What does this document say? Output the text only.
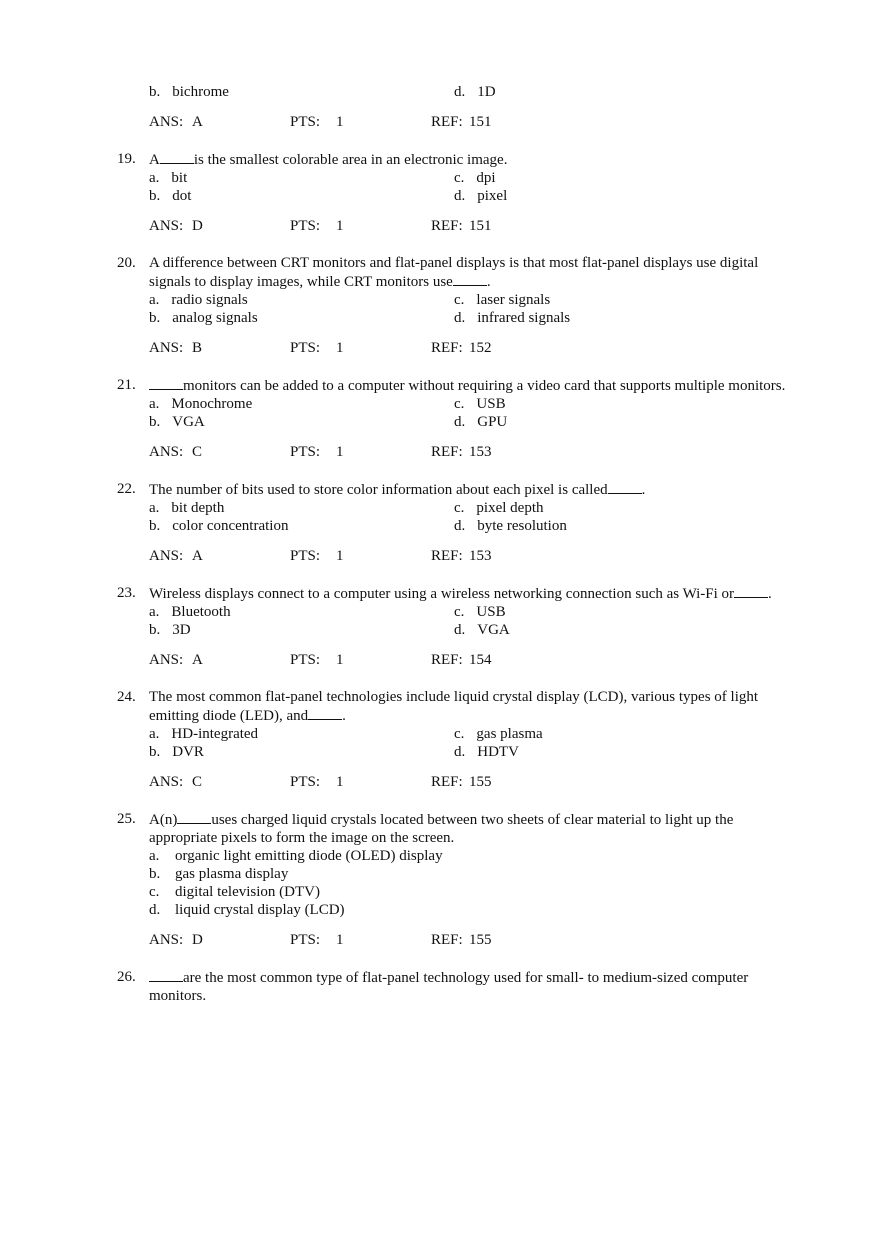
b. bichrome	d. 1D
ANS: A	PTS: 1	REF: 151
19. A is the smallest colorable area in an electronic image.
a. bit	c. dpi
b. dot	d. pixel
ANS: D	PTS: 1	REF: 151
20. A difference between CRT monitors and flat-panel displays is that most flat-panel displays use digital signals to display images, while CRT monitors use .
a. radio signals	c. laser signals
b. analog signals	d. infrared signals
ANS: B	PTS: 1	REF: 152
21.	monitors can be added to a computer without requiring a video card that supports multiple monitors.
a. Monochrome	c. USB
b. VGA	d. GPU
ANS: C	PTS: 1	REF: 153
22. The number of bits used to store color information about each pixel is called .
a. bit depth	c. pixel depth
b. color concentration	d. byte resolution
ANS: A	PTS: 1	REF: 153
23. Wireless displays connect to a computer using a wireless networking connection such as Wi-Fi or .
a. Bluetooth	c. USB
b. 3D	d. VGA
ANS: A	PTS: 1	REF: 154
24. The most common flat-panel technologies include liquid crystal display (LCD), various types of light emitting diode (LED), and .
a. HD-integrated	c. gas plasma
b. DVR	d. HDTV
ANS: C	PTS: 1	REF: 155
25. A(n) uses charged liquid crystals located between two sheets of clear material to light up the appropriate pixels to form the image on the screen.
a. organic light emitting diode (OLED) display
b. gas plasma display
c. digital television (DTV)
d. liquid crystal display (LCD)
ANS: D	PTS: 1	REF: 155
26.	are the most common type of flat-panel technology used for small- to medium-sized computer monitors.
